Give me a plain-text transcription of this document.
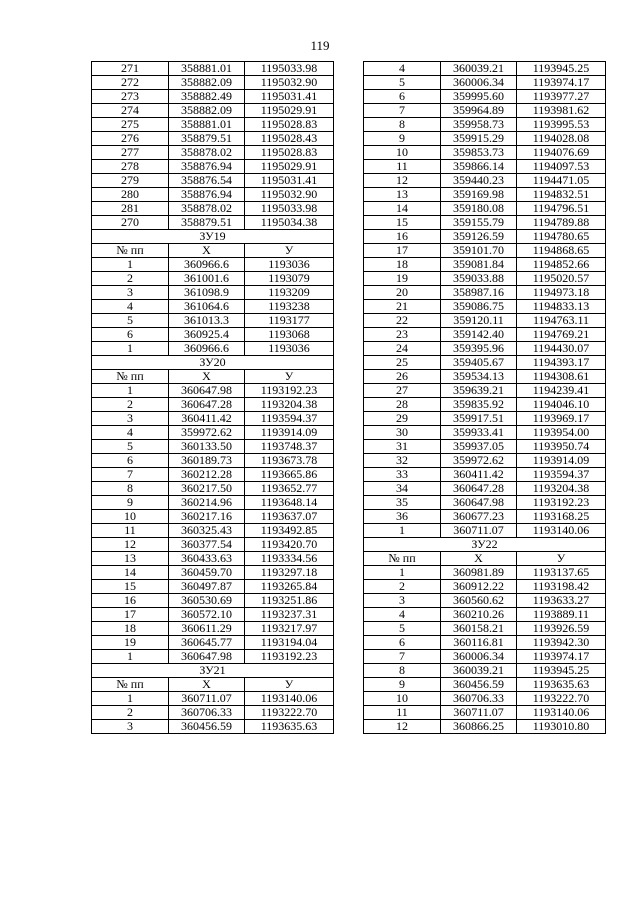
119
271	358881.01	1195033.98
272	358882.09	1195032.90
273	358882.49	1195031.41
274	358882.09	1195029.91
275	358881.01	1195028.83
276	358879.51	1195028.43
277	358878.02	1195028.83
278	358876.94	1195029.91
279	358876.54	1195031.41
280	358876.94	1195032.90
281	358878.02	1195033.98
270	358879.51	1195034.38
ЗУ19		
№ пп	X	У
1	360966.6	1193036
2	361001.6	1193079
3	361098.9	1193209
4	361064.6	1193238
5	361013.3	1193177
6	360925.4	1193068
1	360966.6	1193036
ЗУ20		
№ пп	X	У
1	360647.98	1193192.23
2	360647.28	1193204.38
3	360411.42	1193594.37
4	359972.62	1193914.09
5	360133.50	1193748.37
6	360189.73	1193673.78
7	360212.28	1193665.86
8	360217.50	1193652.77
9	360214.96	1193648.14
10	360217.16	1193637.07
11	360325.43	1193492.85
12	360377.54	1193420.70
13	360433.63	1193334.56
14	360459.70	1193297.18
15	360497.87	1193265.84
16	360530.69	1193251.86
17	360572.10	1193237.31
18	360611.29	1193217.97
19	360645.77	1193194.04
1	360647.98	1193192.23
ЗУ21		
№ пп	X	У
1	360711.07	1193140.06
2	360706.33	1193222.70
3	360456.59	1193635.63
4	360039.21	1193945.25
5	360006.34	1193974.17
6	359995.60	1193977.27
7	359964.89	1193981.62
8	359958.73	1193995.53
9	359915.29	1194028.08
10	359853.73	1194076.69
11	359866.14	1194097.53
12	359440.23	1194471.05
13	359169.98	1194832.51
14	359180.08	1194796.51
15	359155.79	1194789.88
16	359126.59	1194780.65
17	359101.70	1194868.65
18	359081.84	1194852.66
19	359033.88	1195020.57
20	358987.16	1194973.18
21	359086.75	1194833.13
22	359120.11	1194763.11
23	359142.40	1194769.21
24	359395.96	1194430.07
25	359405.67	1194393.17
26	359534.13	1194308.61
27	359639.21	1194239.41
28	359835.92	1194046.10
29	359917.51	1193969.17
30	359933.41	1193954.00
31	359937.05	1193950.74
32	359972.62	1193914.09
33	360411.42	1193594.37
34	360647.28	1193204.38
35	360647.98	1193192.23
36	360677.23	1193168.25
1	360711.07	1193140.06
ЗУ22		
№ пп	X	У
1	360981.89	1193137.65
2	360912.22	1193198.42
3	360560.62	1193633.27
4	360210.26	1193889.11
5	360158.21	1193926.59
6	360116.81	1193942.30
7	360006.34	1193974.17
8	360039.21	1193945.25
9	360456.59	1193635.63
10	360706.33	1193222.70
11	360711.07	1193140.06
12	360866.25	1193010.80
